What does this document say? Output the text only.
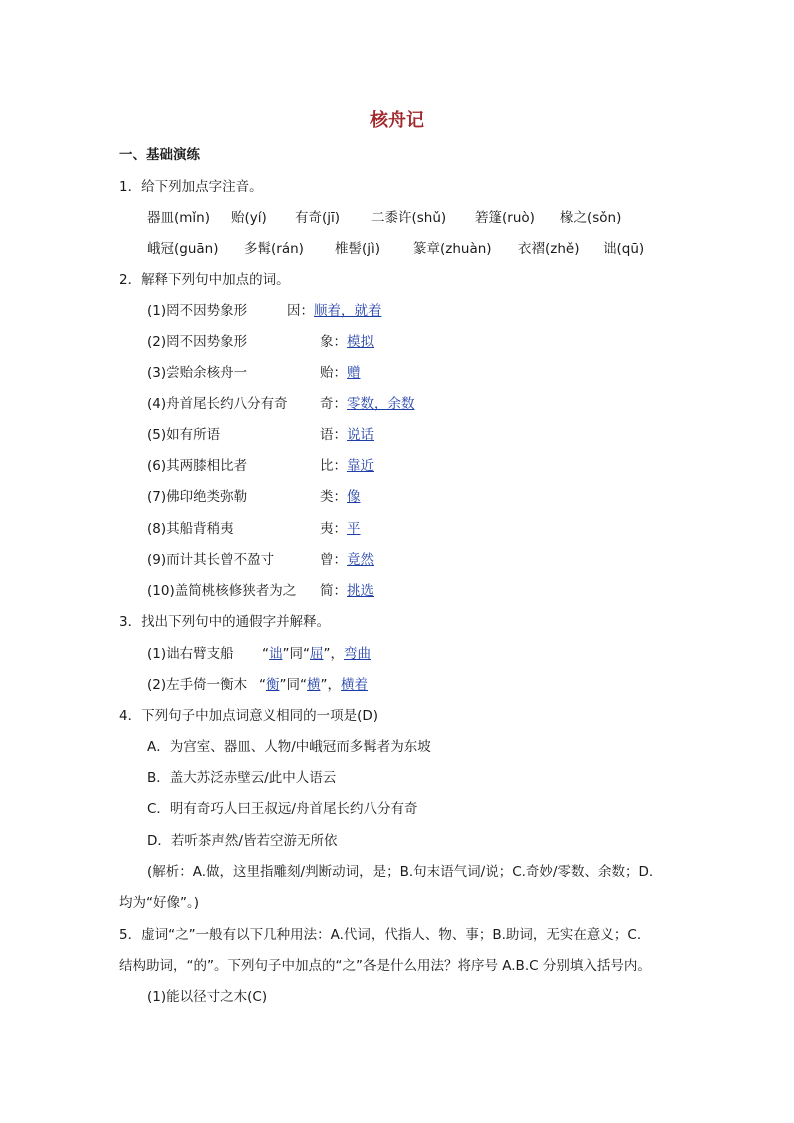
核舟记
一、基础演练
1．给下列加点字注音。
器皿(mǐn) 贻(yí) 有奇(jī) 二黍许(shǔ) 箬篷(ruò) 椽之(sǒn)
峨冠(guān) 多髯(rán) 椎髻(jì) 篆章(zhuàn) 衣褶(zhě) 诎(qū)
2．解释下列句中加点的词。
(1)罔不因势象形	因：顺着，就着
(2)罔不因势象形	象：模拟
(3)尝贻余核舟一	贻：赠
(4)舟首尾长约八分有奇 奇：零数，余数
(5)如有所语	语：说话
(6)其两膝相比者	比：靠近
(7)佛印绝类弥勒	类：像
(8)其船背稍夷	夷：平
(9)而计其长曾不盈寸	曾：竟然
(10)盖简桃核修狭者为之 简：挑选
3．找出下列句中的通假字并解释。
(1)诎右臂支船 “诎”同“屈”，弯曲
(2)左手倚一衡木 “衡”同“横”，横着
4．下列句子中加点词意义相同的一项是(D)
A．为宫室、器皿、人物/中峨冠而多髯者为东坡
B．盖大苏泛赤壁云/此中人语云
C．明有奇巧人曰王叔远/舟首尾长约八分有奇
D．若听茶声然/皆若空游无所依
(解析：A.做，这里指雕刻/判断动词，是；B.句末语气词/说；C.奇妙/零数、余数；D.
均为“好像”。)
5．虚词“之”一般有以下几种用法：A.代词，代指人、物、事；B.助词，无实在意义；C.
结构助词，“的”。下列句子中加点的“之”各是什么用法？将序号 A.B.C 分别填入括号内。
(1)能以径寸之木(C)
